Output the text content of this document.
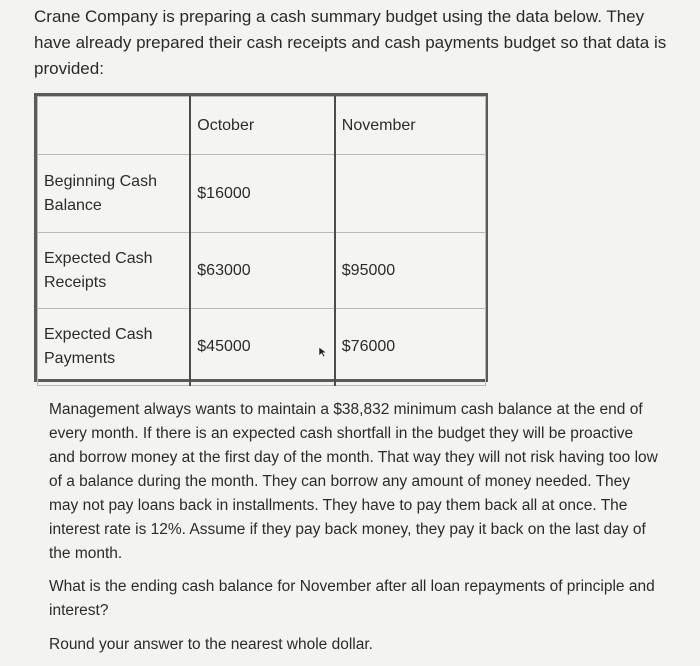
Crane Company is preparing a cash summary budget using the data below. They have already prepared their cash receipts and cash payments budget so that data is provided:

	October	November
Beginning Cash Balance	$16000	
Expected Cash Receipts	$63000	$95000
Expected Cash Payments	$45000	$76000

Management always wants to maintain a $38,832 minimum cash balance at the end of every month. If there is an expected cash shortfall in the budget they will be proactive and borrow money at the first day of the month. That way they will not risk having too low of a balance during the month. They can borrow any amount of money needed. They may not pay loans back in installments. They have to pay them back all at once. The interest rate is 12%. Assume if they pay back money, they pay it back on the last day of the month.

What is the ending cash balance for November after all loan repayments of principle and interest?

Round your answer to the nearest whole dollar.
